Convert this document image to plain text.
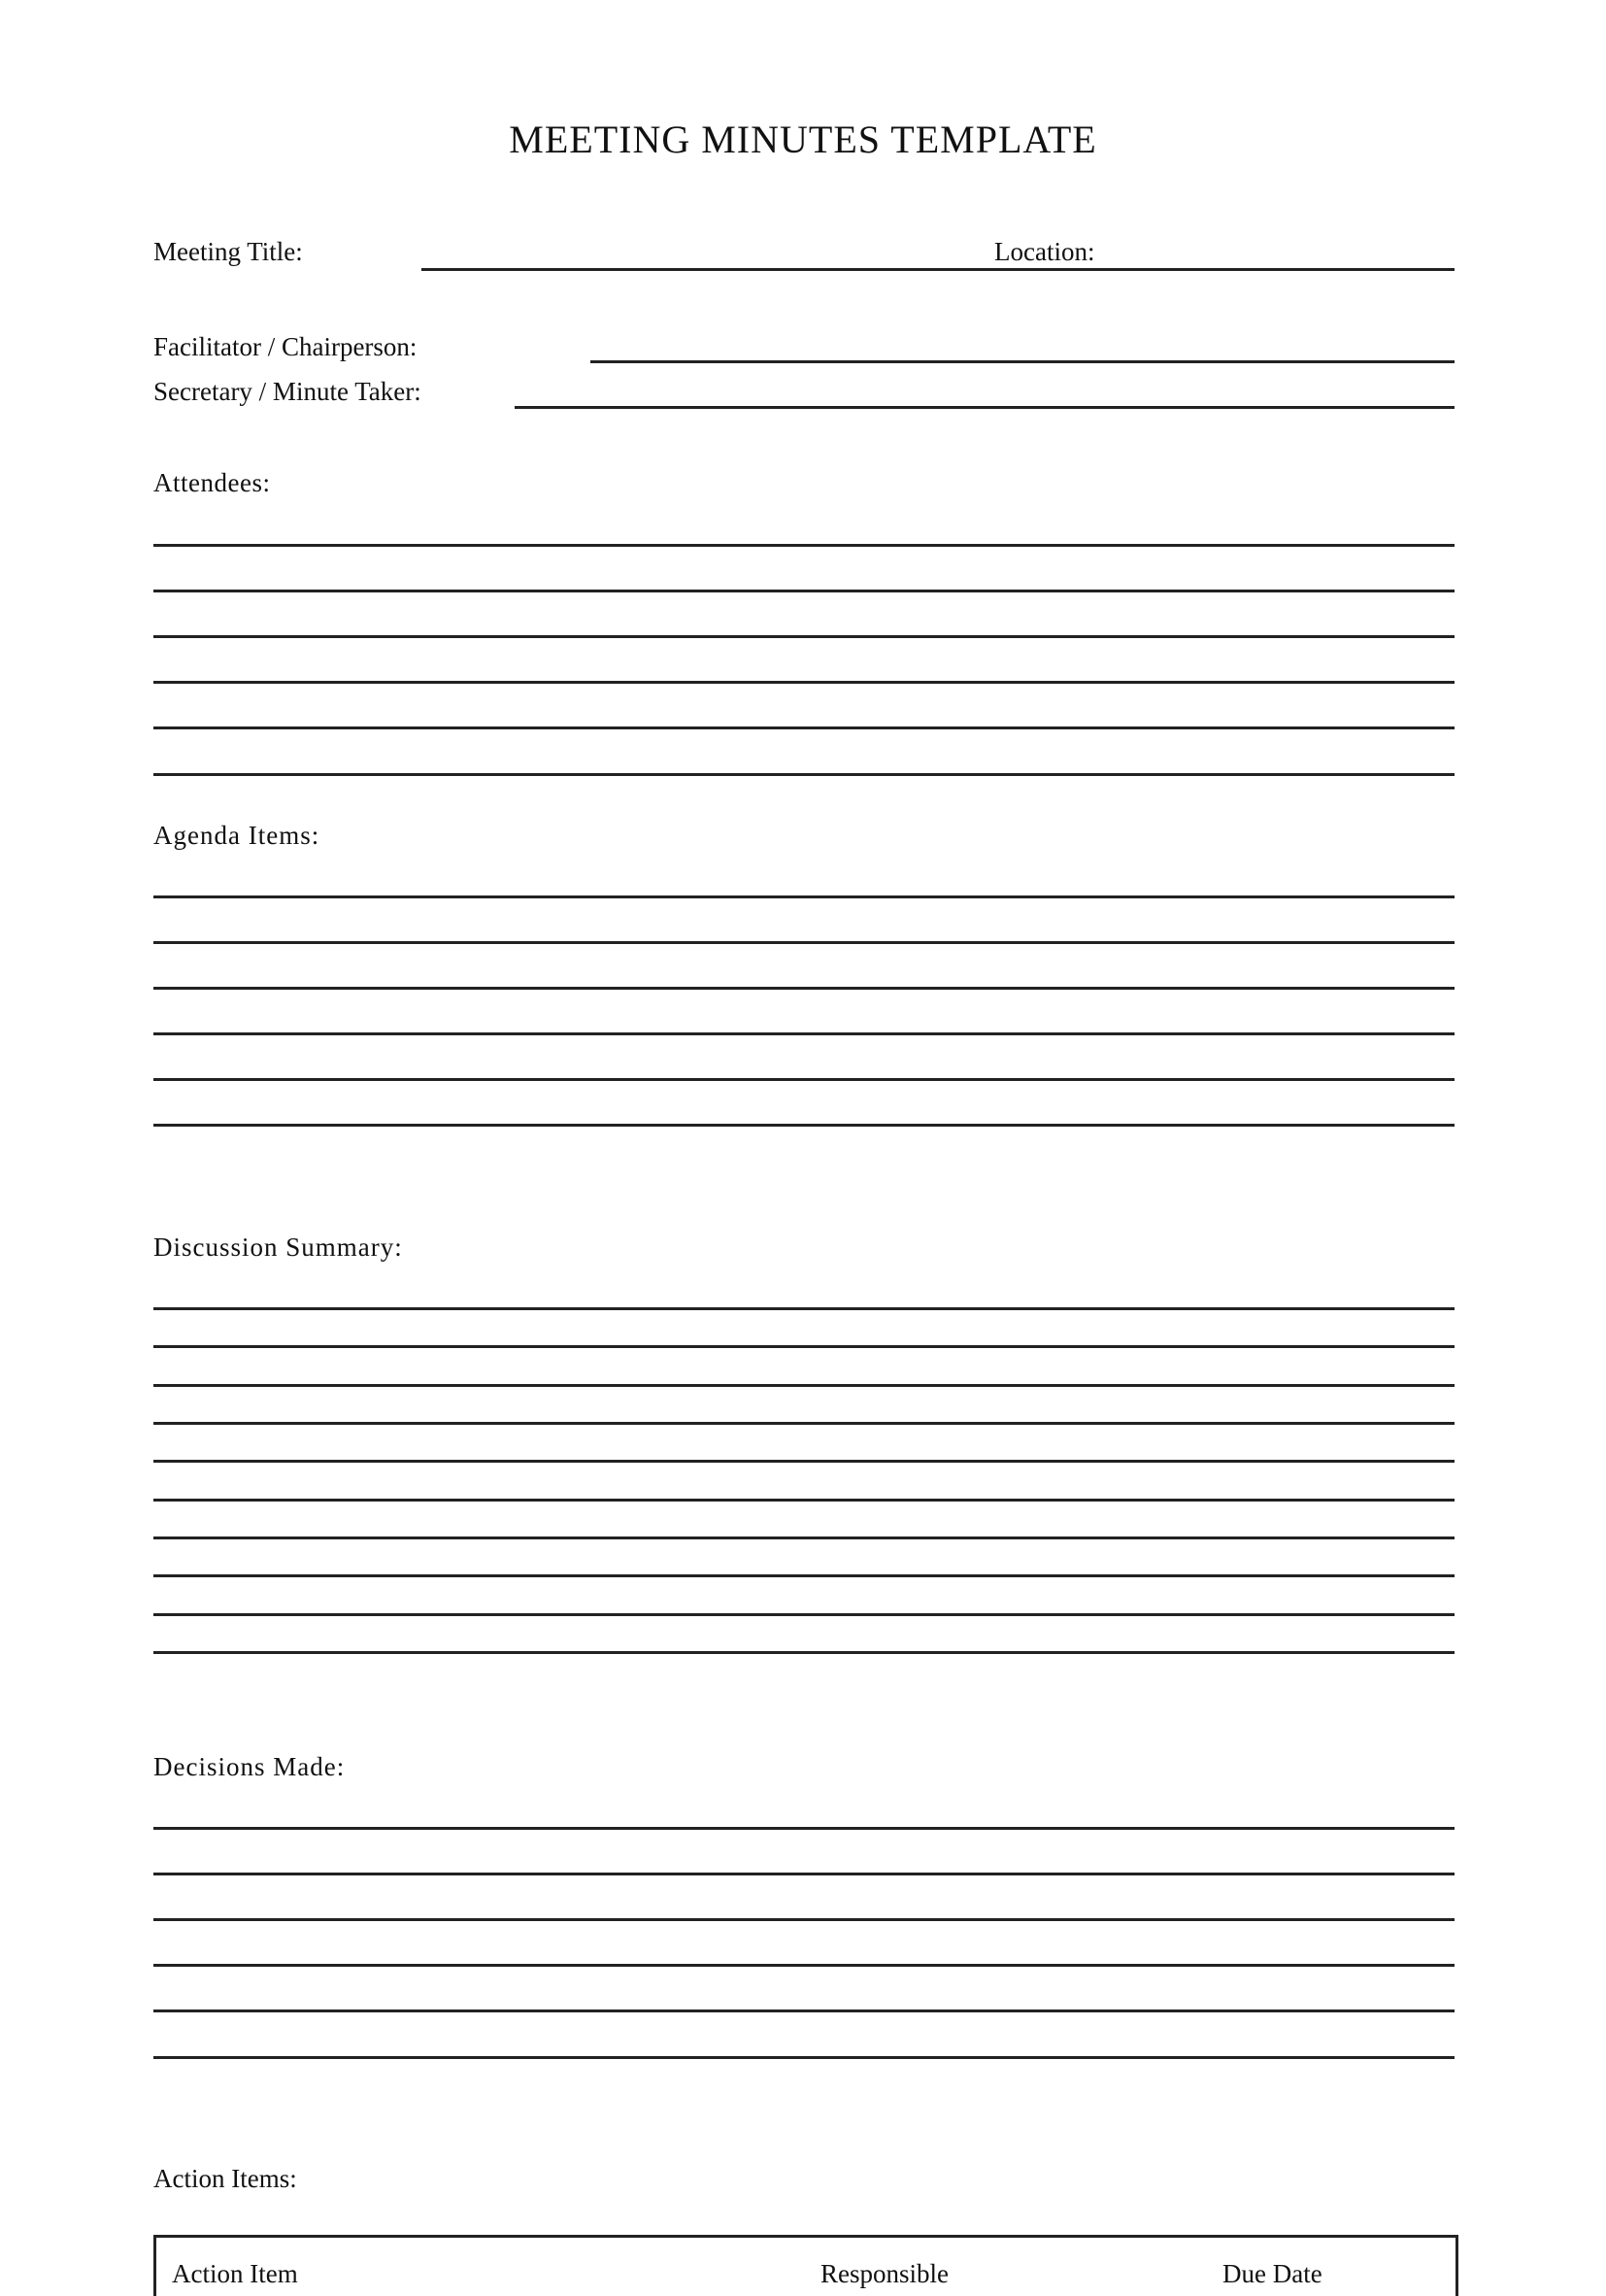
MEETING MINUTES TEMPLATE
Meeting Title:	Location:
Facilitator / Chairperson:
Secretary / Minute Taker:
Attendees:
Agenda Items:
Discussion Summary:
Decisions Made:
Action Items:
Action Item	Responsible	Due Date
